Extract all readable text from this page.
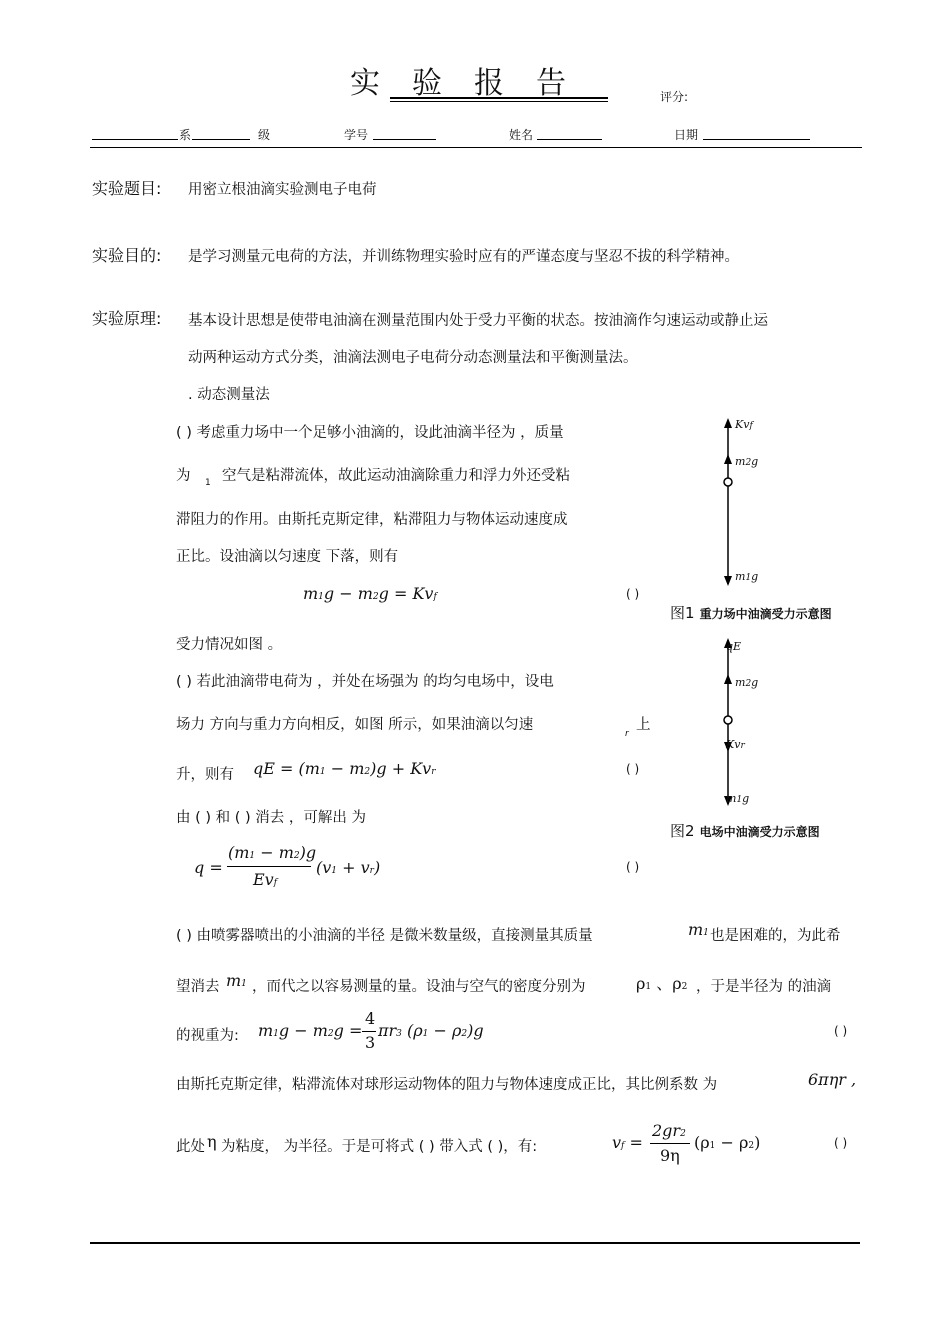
实验报告	评分:
系	级	学号	姓名	日期
实验题目: 用密立根油滴实验测电子电荷
实验目的: 是学习测量元电荷的方法，并训练物理实验时应有的严谨态度与坚忍不拔的科学精神。
实验原理: 基本设计思想是使带电油滴在测量范围内处于受力平衡的状态。按油滴作匀速运动或静止运
动两种运动方式分类，油滴法测电子电荷分动态测量法和平衡测量法。
. 动态测量法
( ) 考虑重力场中一个足够小油滴的，设此油滴半径为 ，质量
为 1 空气是粘滞流体，故此运动油滴除重力和浮力外还受粘
滞阻力的作用。由斯托克斯定律，粘滞阻力与物体运动速度成
正比。设油滴以匀速度 下落，则有
m1g − m2g = Kvf	( )
受力情况如图 。
( ) 若此油滴带电荷为 ，并处在场强为 的均匀电场中，设电
场力 方向与重力方向相反，如图 所示，如果油滴以匀速
r
上
升，则有 qE = (m1 − m2)g + Kvr	( )
由 ( ) 和 ( ) 消去 ，可解出 为
q =
(m1 − m2)g
Evf
(v1 + vr)	( )
( ) 由喷雾器喷出的小油滴的半径 是微米数量级，直接测量其质量	m1 也是困难的，为此希
望消去 m1 ，而代之以容易测量的量。设油与空气的密度分别为	ρ1 、ρ2 ，于是半径为 的油滴
的视重为: m1g − m2g =
4
3
πr3 (ρ1 − ρ2)g	( )
由斯托克斯定律，粘滞流体对球形运动物体的阻力与物体速度成正比，其比例系数 为	6πηr ,
此处 η 为粘度， 为半径。于是可将式 ( ) 带入式 ( )，有:	vf =
2gr2
9η
(ρ1 − ρ2)	( )
Kvf
m2g
m1g
图1 重力场中油滴受力示意图
qE
m2g
Kvr
m1g
图2 电场中油滴受力示意图
